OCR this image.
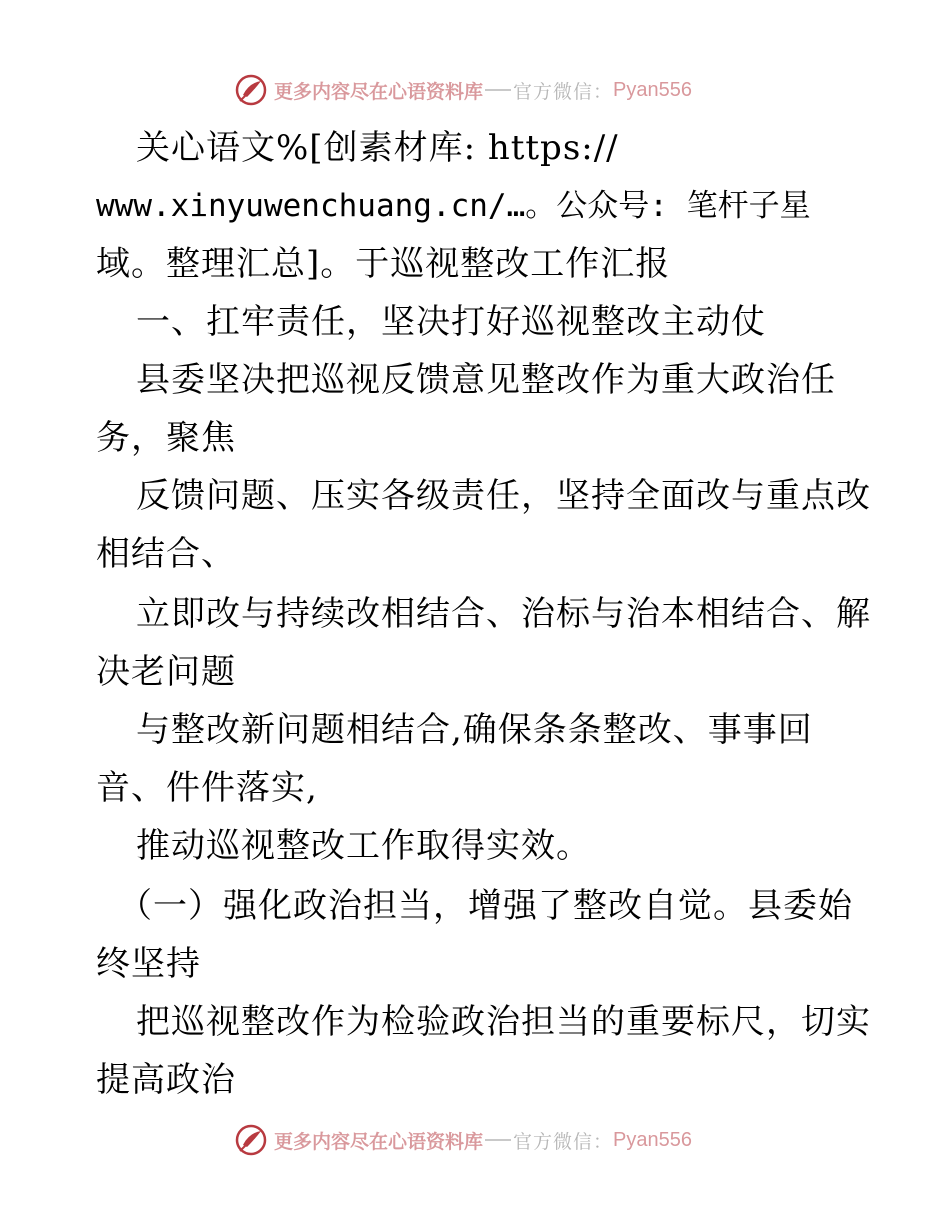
更多内容尽在心语资料库 官方微信： Pyan556

关心语文%[创素材库: https://

www.xinyuwenchuang.cn/…。公众号: 笔杆子星

域。整理汇总]。于巡视整改工作汇报

一、扛牢责任，坚决打好巡视整改主动仗

县委坚决把巡视反馈意见整改作为重大政治任

务，聚焦

反馈问题、压实各级责任，坚持全面改与重点改

相结合、

立即改与持续改相结合、治标与治本相结合、解

决老问题

与整改新问题相结合,确保条条整改、事事回

音、件件落实,

推动巡视整改工作取得实效。

（一）强化政治担当，增强了整改自觉。县委始

终坚持

把巡视整改作为检验政治担当的重要标尺，切实

提高政治

更多内容尽在心语资料库 官方微信： Pyan556
